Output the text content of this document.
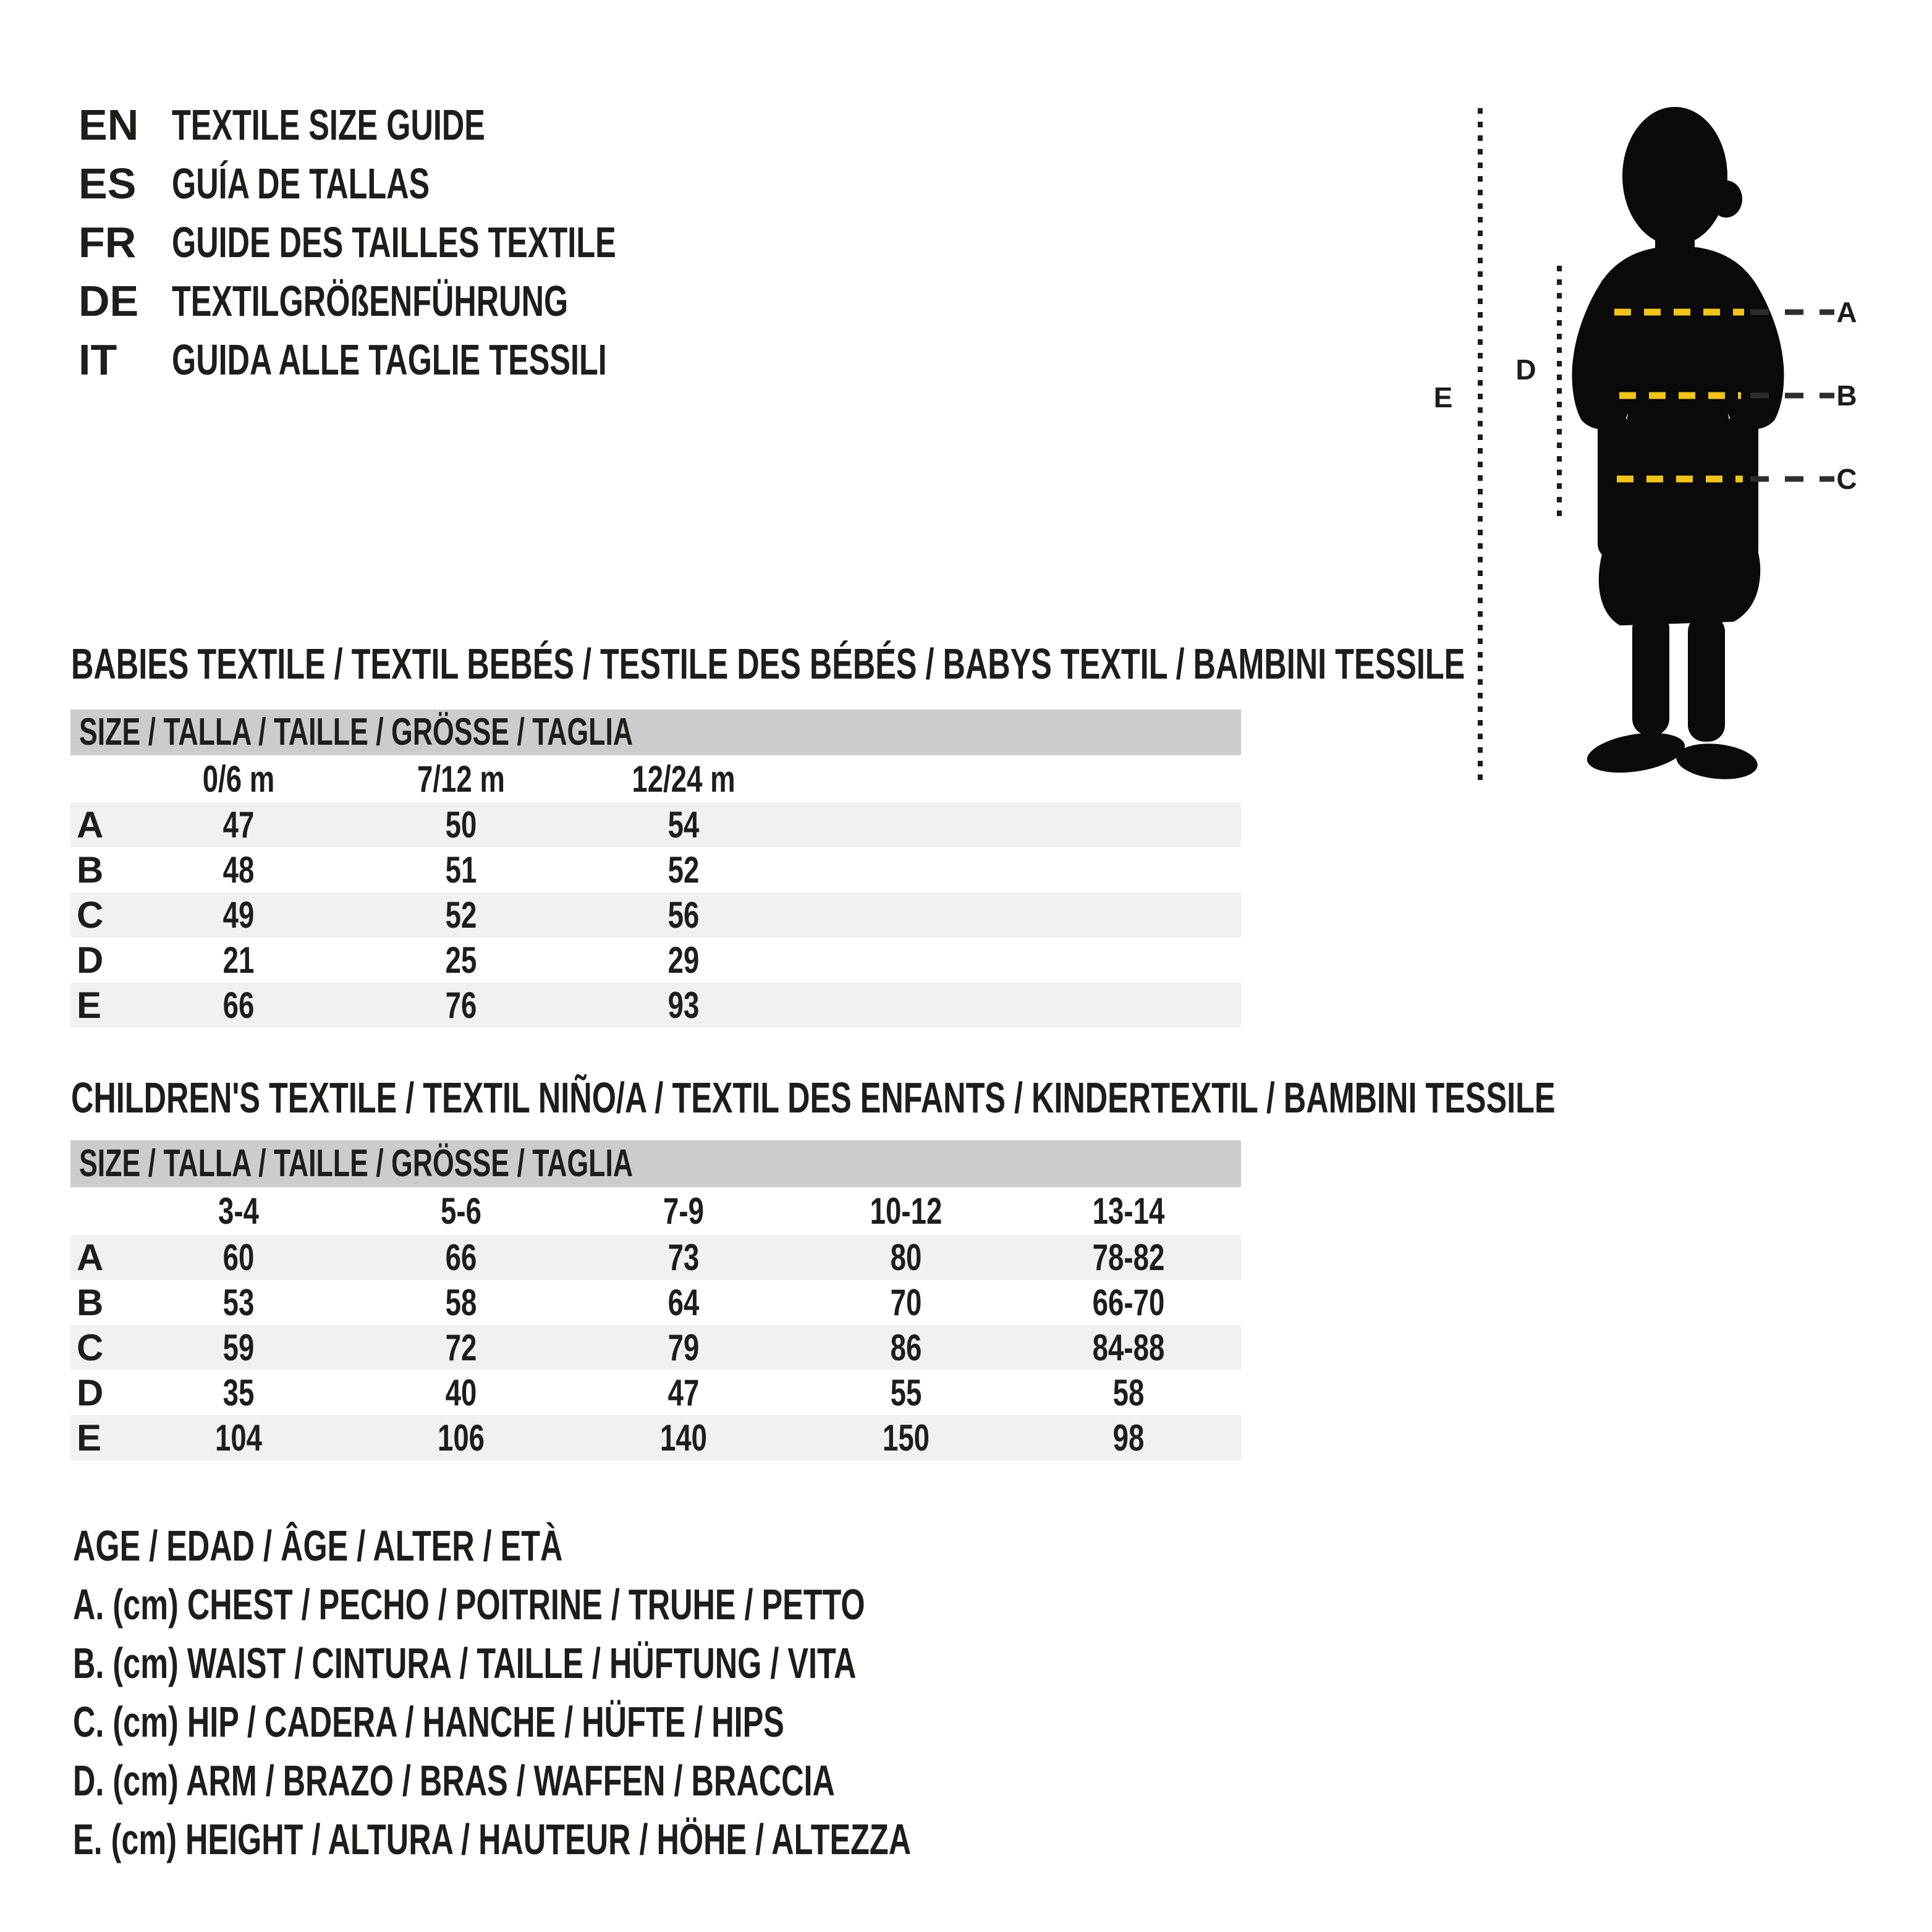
EN TEXTILE SIZE GUIDE
ES GUÍA DE TALLAS
FR GUIDE DES TAILLES TEXTILE
DE TEXTILGRÖßENFÜHRUNG
IT	GUIDA ALLE TAGLIE TESSILI
A
B
C
D
E
BABIES TEXTILE / TEXTIL BEBÉS / TESTILE DES BÉBÉS / BABYS TEXTIL / BAMBINI TESSILE
SIZE / TALLA / TAILLE / GRÖSSE / TAGLIA
0/6 m	7/12 m	12/24 m
A	47	50	54
B	48	51	52
C	49	52	56
D	21	25	29
E	66	76	93
CHILDREN'S TEXTILE / TEXTIL NIÑO/A / TEXTIL DES ENFANTS / KINDERTEXTIL / BAMBINI TESSILE
SIZE / TALLA / TAILLE / GRÖSSE / TAGLIA
3-4	5-6	7-9	10-12	13-14
A	60	66	73	80	78-82
B	53	58	64	70	66-70
C	59	72	79	86	84-88
D	35	40	47	55	58
E	104	106	140	150	98
AGE / EDAD / ÂGE / ALTER / ETÀ
A. (cm) CHEST / PECHO / POITRINE / TRUHE / PETTO
B. (cm) WAIST / CINTURA / TAILLE / HÜFTUNG / VITA
C. (cm) HIP / CADERA / HANCHE / HÜFTE / HIPS
D. (cm) ARM / BRAZO / BRAS / WAFFEN / BRACCIA
E. (cm) HEIGHT / ALTURA / HAUTEUR / HÖHE / ALTEZZA
